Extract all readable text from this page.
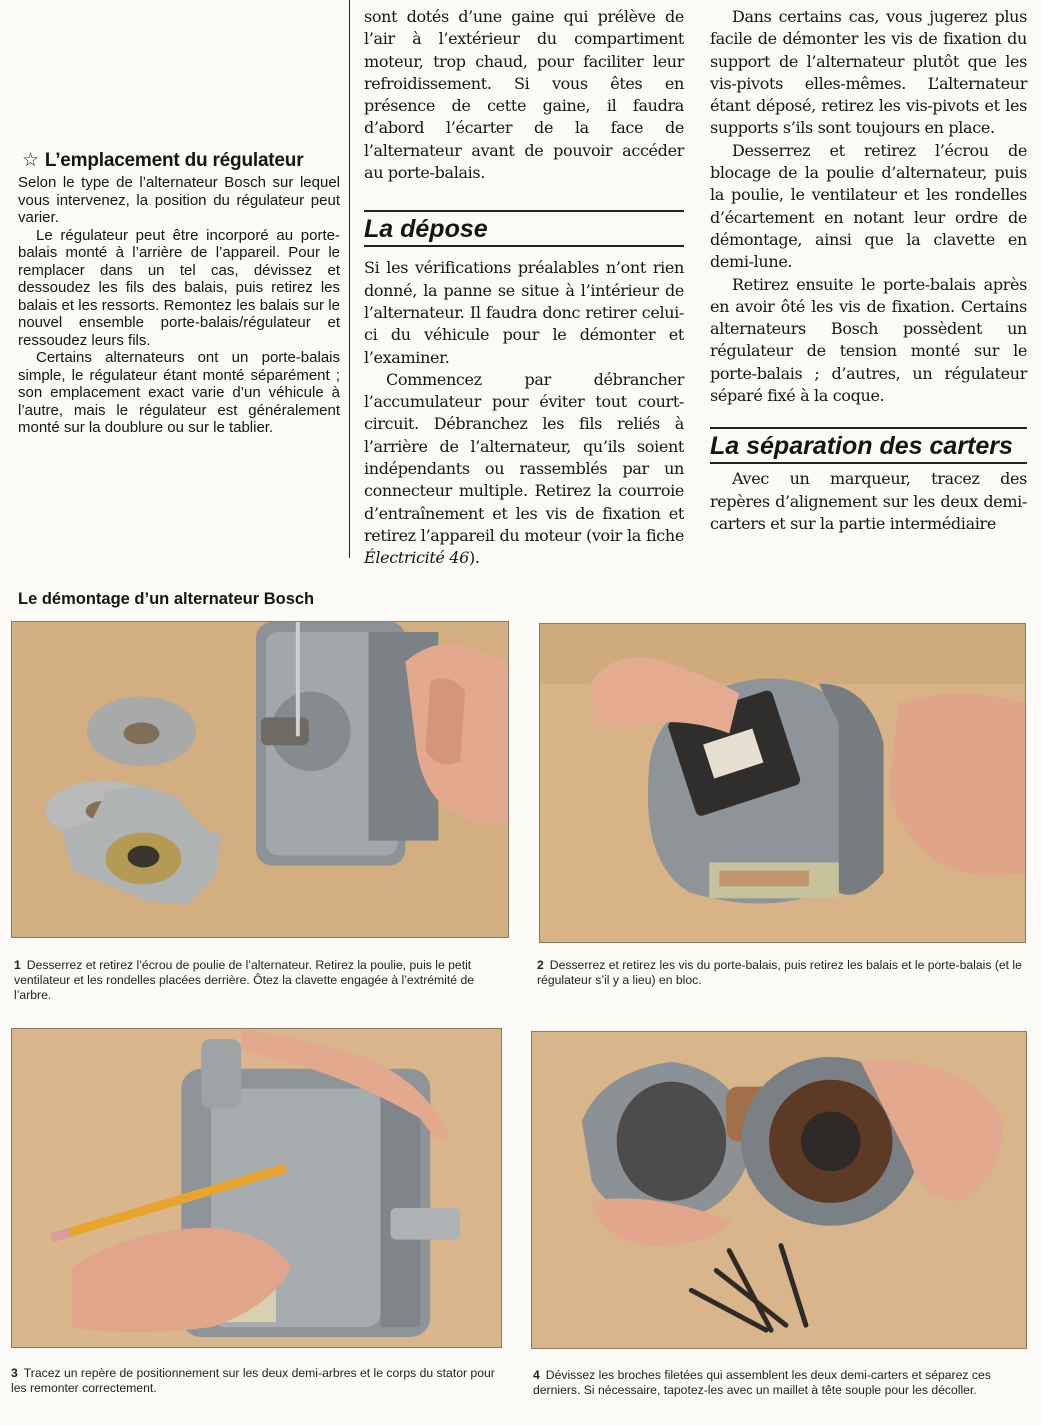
☆ L’emplacement du régulateur

Selon le type de l’alternateur Bosch sur lequel vous intervenez, la position du régulateur peut varier.

Le régulateur peut être incorporé au porte-balais monté à l’arrière de l’appareil. Pour le remplacer dans un tel cas, dévissez et dessoudez les fils des balais, puis retirez les balais et les ressorts. Remontez les balais sur le nouvel ensemble porte-balais/régulateur et ressoudez leurs fils.

Certains alternateurs ont un porte-balais simple, le régulateur étant monté séparément ; son emplacement exact varie d’un véhicule à l’autre, mais le régulateur est généralement monté sur la doublure ou sur le tablier.

sont dotés d’une gaine qui prélève de l’air à l’extérieur du compartiment moteur, trop chaud, pour faciliter leur refroidissement. Si vous êtes en présence de cette gaine, il faudra d’abord l’écarter de la face de l’alternateur avant de pouvoir accéder au porte-balais.

La dépose

Si les vérifications préalables n’ont rien donné, la panne se situe à l’intérieur de l’alternateur. Il faudra donc retirer celui-ci du véhicule pour le démonter et l’examiner.

Commencez par débrancher l’accumulateur pour éviter tout court-circuit. Débranchez les fils reliés à l’arrière de l’alternateur, qu’ils soient indépendants ou rassemblés par un connecteur multiple. Retirez la courroie d’entraînement et les vis de fixation et retirez l’appareil du moteur (voir la fiche Électricité 46).

Dans certains cas, vous jugerez plus facile de démonter les vis de fixation du support de l’alternateur plutôt que les vis-pivots elles-mêmes. L’alternateur étant déposé, retirez les vis-pivots et les supports s’ils sont toujours en place.

Desserrez et retirez l’écrou de blocage de la poulie d’alternateur, puis la poulie, le ventilateur et les rondelles d’écartement en notant leur ordre de démontage, ainsi que la clavette en demi-lune.

Retirez ensuite le porte-balais après en avoir ôté les vis de fixation. Certains alternateurs Bosch possèdent un régulateur de tension monté sur le porte-balais ; d’autres, un régulateur séparé fixé à la coque.

La séparation des carters

Avec un marqueur, tracez des repères d’alignement sur les deux demi-carters et sur la partie intermédiaire

Le démontage d’un alternateur Bosch
1 Desserrez et retirez l’écrou de poulie de l’alternateur. Retirez la poulie, puis le petit ventilateur et les rondelles placées derrière. Ôtez la clavette engagée à l’extrémité de l’arbre.
2 Desserrez et retirez les vis du porte-balais, puis retirez les balais et le porte-balais (et le régulateur s’il y a lieu) en bloc.
3 Tracez un repère de positionnement sur les deux demi-arbres et le corps du stator pour les remonter correctement.
4 Dévissez les broches filetées qui assemblent les deux demi-carters et séparez ces derniers. Si nécessaire, tapotez-les avec un maillet à tête souple pour les décoller.
